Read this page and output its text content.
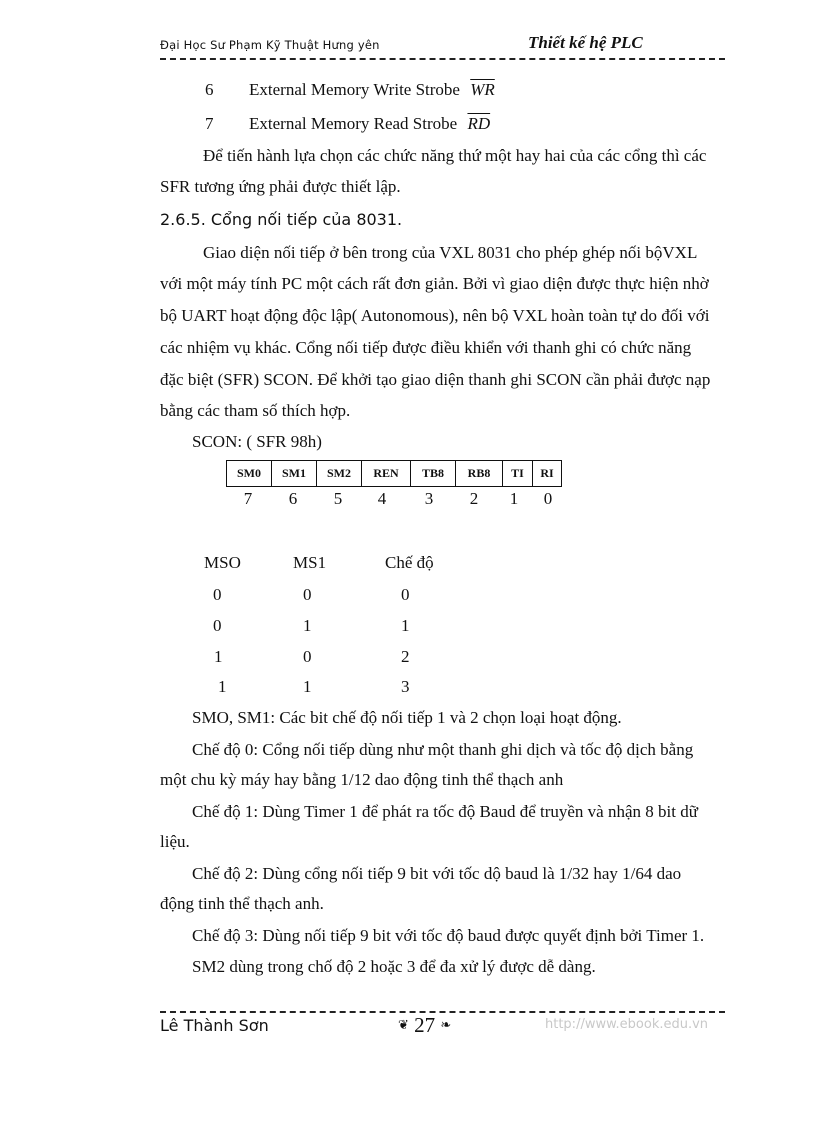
Đại Học Sư Phạm Kỹ Thuật Hưng yên	Thiết kế hệ PLC
6 External Memory Write Strobe $\overline{WR}$
7 External Memory Read Strobe $\overline{RD}$
Để tiến hành lựa chọn các chức năng thứ một hay hai của các cổng thì các
SFR tương ứng phải được thiết lập.
2.6.5. Cổng nối tiếp của 8031.
Giao diện nối tiếp ở bên trong của VXL 8031 cho phép ghép nối bộVXL
với một máy tính PC một cách rất đơn giản. Bởi vì giao diện được thực hiện nhờ
bộ UART hoạt động độc lập( Autonomous), nên bộ VXL hoàn toàn tự do đối với
các nhiệm vụ khác. Cổng nối tiếp được điều khiển với thanh ghi có chức năng
đặc biệt (SFR) SCON. Để khởi tạo giao diện thanh ghi SCON cần phải được nạp
bằng các tham số thích hợp.
SCON: ( SFR 98h)
SM0	SM1	SM2	REN	TB8	RB8	TI	RI
7	6	5	4	3	2	1	0
MSO	MS1	Chế độ
0	0	0
0	1	1
1	0	2
1	1	3
SMO, SM1: Các bit chế độ nối tiếp 1 và 2 chọn loại hoạt động.
Chế độ 0: Cổng nối tiếp dùng như một thanh ghi dịch và tốc độ dịch bằng
một chu kỳ máy hay bằng 1/12 dao động tinh thể thạch anh
Chế độ 1: Dùng Timer 1 để phát ra tốc độ Baud để truyền và nhận 8 bit dữ
liệu.
Chế độ 2: Dùng cổng nối tiếp 9 bit với tốc dộ baud là 1/32 hay 1/64 dao
động tinh thể thạch anh.
Chế độ 3: Dùng nối tiếp 9 bit với tốc độ baud được quyết định bởi Timer 1.
SM2 dùng trong chố độ 2 hoặc 3 để đa xử lý được dễ dàng.
Lê Thành Sơn	❦ 27 ❧	http://www.ebook.edu.vn
